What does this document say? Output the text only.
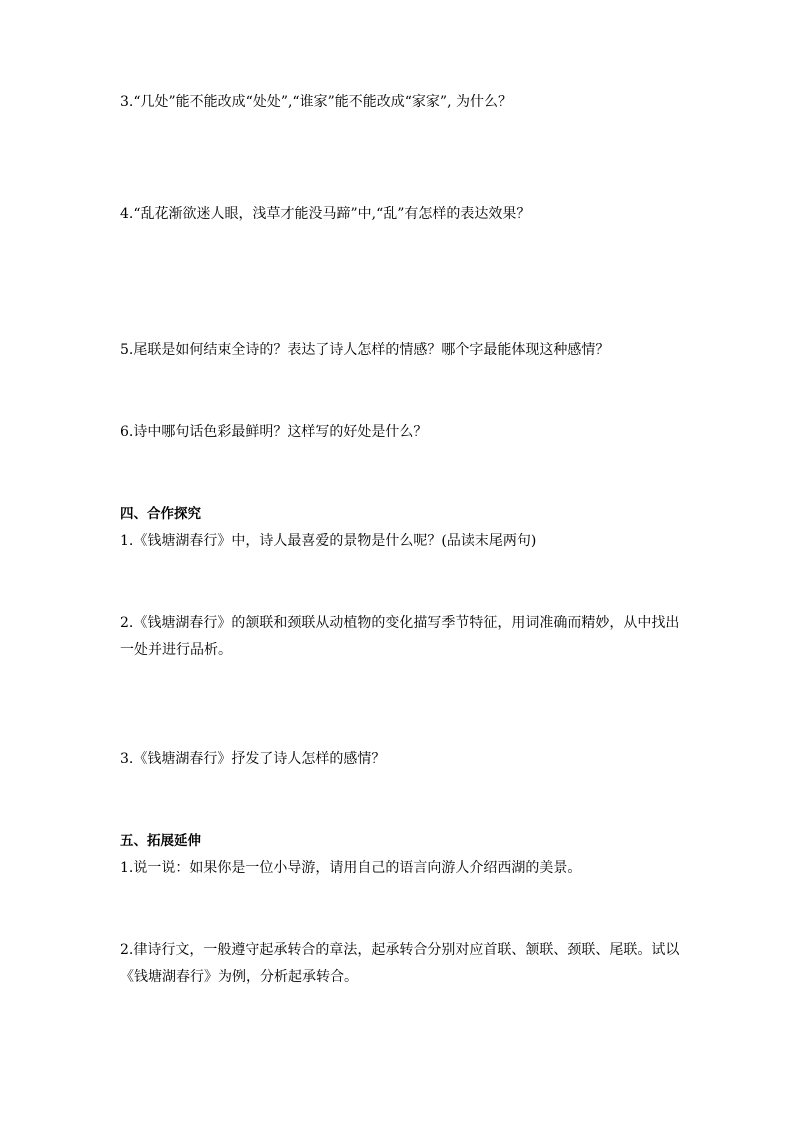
3.“几处”能不能改成“处处”,“谁家”能不能改成“家家”, 为什么？
4.“乱花渐欲迷人眼，浅草才能没马蹄”中,“乱”有怎样的表达效果？
5.尾联是如何结束全诗的？表达了诗人怎样的情感？哪个字最能体现这种感情？
6.诗中哪句话色彩最鲜明？这样写的好处是什么？
四、合作探究
1.《钱塘湖春行》中，诗人最喜爱的景物是什么呢？(品读末尾两句)
2.《钱塘湖春行》的颔联和颈联从动植物的变化描写季节特征，用词准确而精妙，从中找出
一处并进行品析。
3.《钱塘湖春行》抒发了诗人怎样的感情？
五、拓展延伸
1.说一说：如果你是一位小导游，请用自己的语言向游人介绍西湖的美景。
2.律诗行文，一般遵守起承转合的章法，起承转合分别对应首联、颔联、颈联、尾联。试以
《钱塘湖春行》为例，分析起承转合。
